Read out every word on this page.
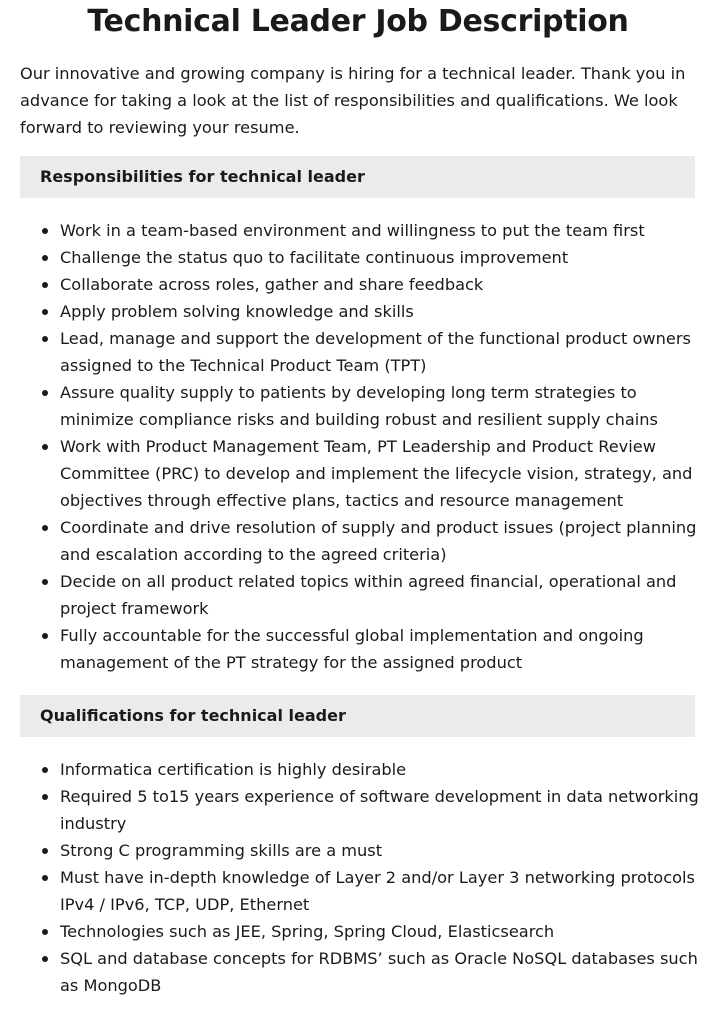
Technical Leader Job Description

Our innovative and growing company is hiring for a technical leader. Thank you in advance for taking a look at the list of responsibilities and qualifications. We look forward to reviewing your resume.

Responsibilities for technical leader
Work in a team-based environment and willingness to put the team first
Challenge the status quo to facilitate continuous improvement
Collaborate across roles, gather and share feedback
Apply problem solving knowledge and skills
Lead, manage and support the development of the functional product owners assigned to the Technical Product Team (TPT)
Assure quality supply to patients by developing long term strategies to minimize compliance risks and building robust and resilient supply chains
Work with Product Management Team, PT Leadership and Product Review Committee (PRC) to develop and implement the lifecycle vision, strategy, and objectives through effective plans, tactics and resource management
Coordinate and drive resolution of supply and product issues (project planning and escalation according to the agreed criteria)
Decide on all product related topics within agreed financial, operational and project framework
Fully accountable for the successful global implementation and ongoing management of the PT strategy for the assigned product
Qualifications for technical leader
Informatica certification is highly desirable
Required 5 to15 years experience of software development in data networking industry
Strong C programming skills are a must
Must have in-depth knowledge of Layer 2 and/or Layer 3 networking protocols IPv4 / IPv6, TCP, UDP, Ethernet
Technologies such as JEE, Spring, Spring Cloud, Elasticsearch
SQL and database concepts for RDBMS’ such as Oracle NoSQL databases such as MongoDB
